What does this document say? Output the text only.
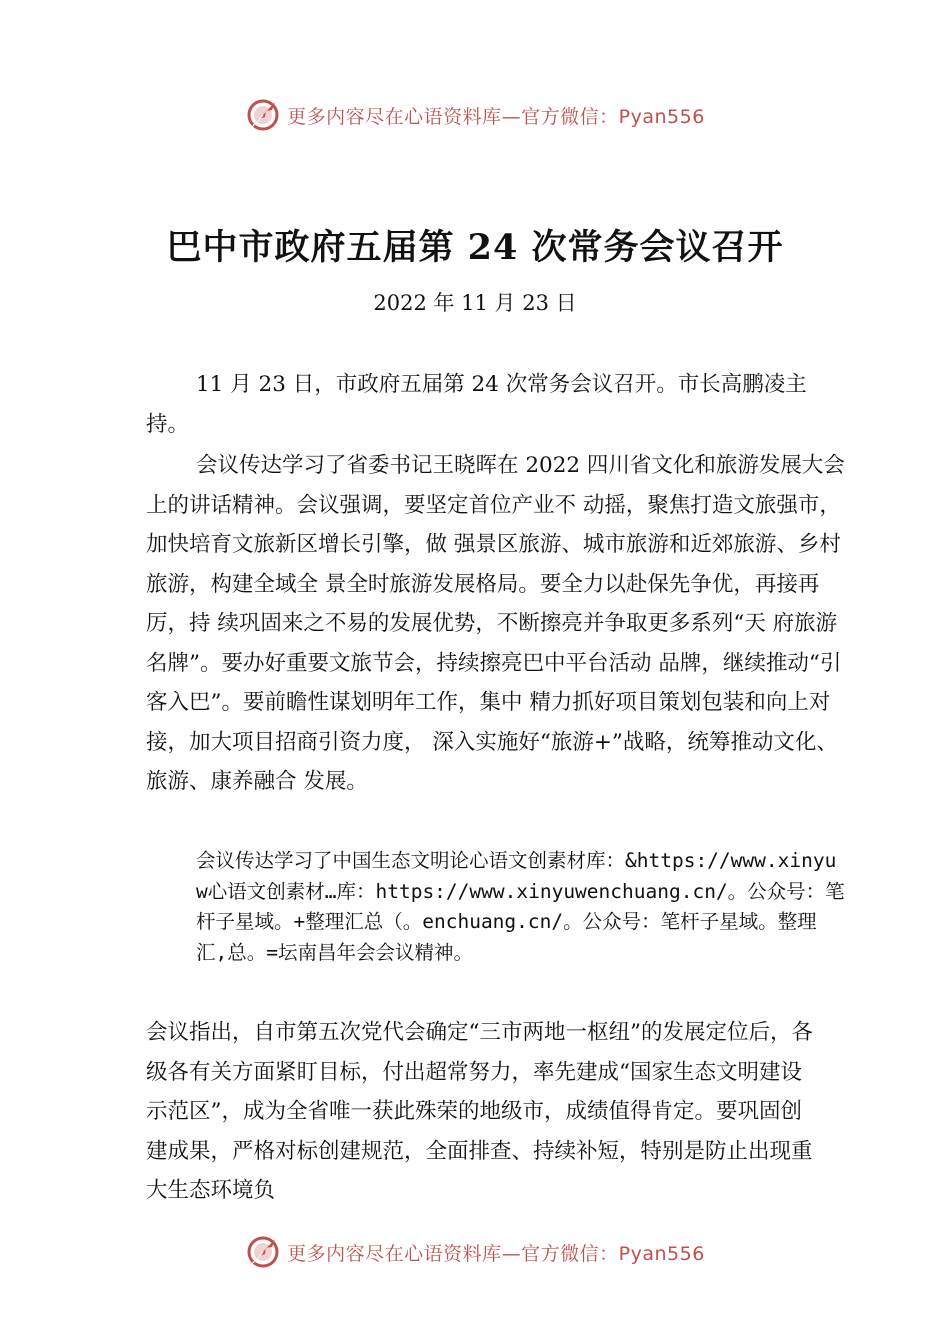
更多内容尽在心语资料库—官方微信：Pyan556
巴中市政府五届第 24 次常务会议召开
2022 年 11 月 23 日

11 月 23 日，市政府五届第 24 次常务会议召开。市长高鹏凌主持。

会议传达学习了省委书记王晓晖在 2022 四川省文化和旅游发展大会上的讲话精神。会议强调，要坚定首位产业不 动摇，聚焦打造文旅强市，加快培育文旅新区增长引擎，做 强景区旅游、城市旅游和近郊旅游、乡村旅游，构建全域全 景全时旅游发展格局。要全力以赴保先争优，再接再厉，持 续巩固来之不易的发展优势，不断擦亮并争取更多系列“天 府旅游名牌”。要办好重要文旅节会，持续擦亮巴中平台活动 品牌，继续推动“引客入巴”。要前瞻性谋划明年工作，集中 精力抓好项目策划包装和向上对接，加大项目招商引资力度， 深入实施好“旅游+”战略，统筹推动文化、旅游、康养融合 发展。

会议传达学习了中国生态文明论心语文创素材库：&https://www.xinyuw心语文创素材…库：https://www.xinyuwenchuang.cn/。公众号：笔杆子星域。+整理汇总（。enchuang.cn/。公众号：笔杆子星域。整理汇,总。=坛南昌年会会议精神。

会议指出，自市第五次党代会确定“三市两地一枢纽”的发展定位后，各级各有关方面紧盯目标，付出超常努力，率先建成“国家生态文明建设示范区”，成为全省唯一获此殊荣的地级市，成绩值得肯定。要巩固创建成果，严格对标创建规范，全面排查、持续补短，特别是防止出现重大生态环境负

更多内容尽在心语资料库—官方微信：Pyan556
